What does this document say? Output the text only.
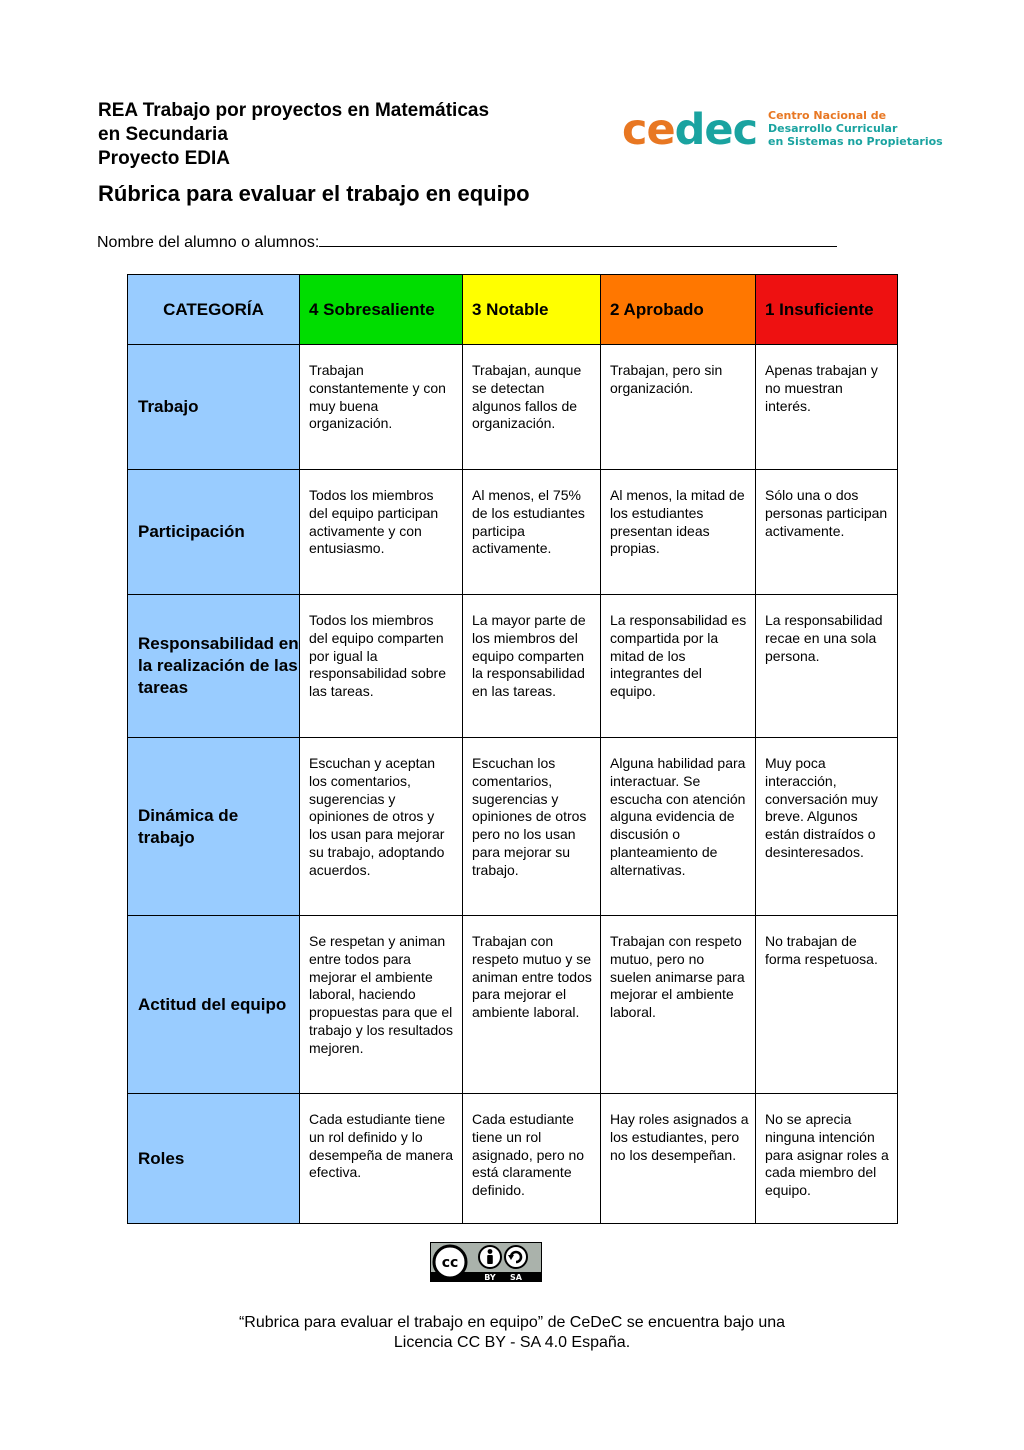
REA Trabajo por proyectos en Matemáticas
en Secundaria
Proyecto EDIA
cedec Centro Nacional de
Desarrollo Curricular
en Sistemas no Propietarios
Rúbrica para evaluar el trabajo en equipo
Nombre del alumno o alumnos:
CATEGORÍA	4 Sobresaliente	3 Notable	2 Aprobado	1 Insuficiente
Trabajo	Trabajan constantemente y con muy buena organización.	Trabajan, aunque se detectan algunos fallos de organización.	Trabajan, pero sin organización.	Apenas trabajan y no muestran interés.
Participación	Todos los miembros del equipo participan activamente y con entusiasmo.	Al menos, el 75% de los estudiantes participa activamente.	Al menos, la mitad de los estudiantes presentan ideas propias.	Sólo una o dos personas participan activamente.
Responsabilidad en la realización de las tareas	Todos los miembros del equipo comparten por igual la responsabilidad sobre las tareas.	La mayor parte de los miembros del equipo comparten la responsabilidad en las tareas.	La responsabilidad es compartida por la mitad de los integrantes del equipo.	La responsabilidad recae en una sola persona.
Dinámica de trabajo	Escuchan y aceptan los comentarios, sugerencias y opiniones de otros y los usan para mejorar su trabajo, adoptando acuerdos.	Escuchan los comentarios, sugerencias y opiniones de otros pero no los usan para mejorar su trabajo.	Alguna habilidad para interactuar. Se escucha con atención alguna evidencia de discusión o planteamiento de alternativas.	Muy poca interacción, conversación muy breve. Algunos están distraídos o desinteresados.
Actitud del equipo	Se respetan y animan entre todos para mejorar el ambiente laboral, haciendo propuestas para que el trabajo y los resultados mejoren.	Trabajan con respeto mutuo y se animan entre todos para mejorar el ambiente laboral.	Trabajan con respeto mutuo, pero no suelen animarse para mejorar el ambiente laboral.	No trabajan de forma respetuosa.
Roles	Cada estudiante tiene un rol definido y lo desempeña de manera efectiva.	Cada estudiante tiene un rol asignado, pero no está claramente definido.	Hay roles asignados a los estudiantes, pero no los desempeñan.	No se aprecia ninguna intención para asignar roles a cada miembro del equipo.
cc
BY SA
“Rubrica para evaluar el trabajo en equipo” de CeDeC se encuentra bajo una
Licencia CC BY - SA 4.0 España.
